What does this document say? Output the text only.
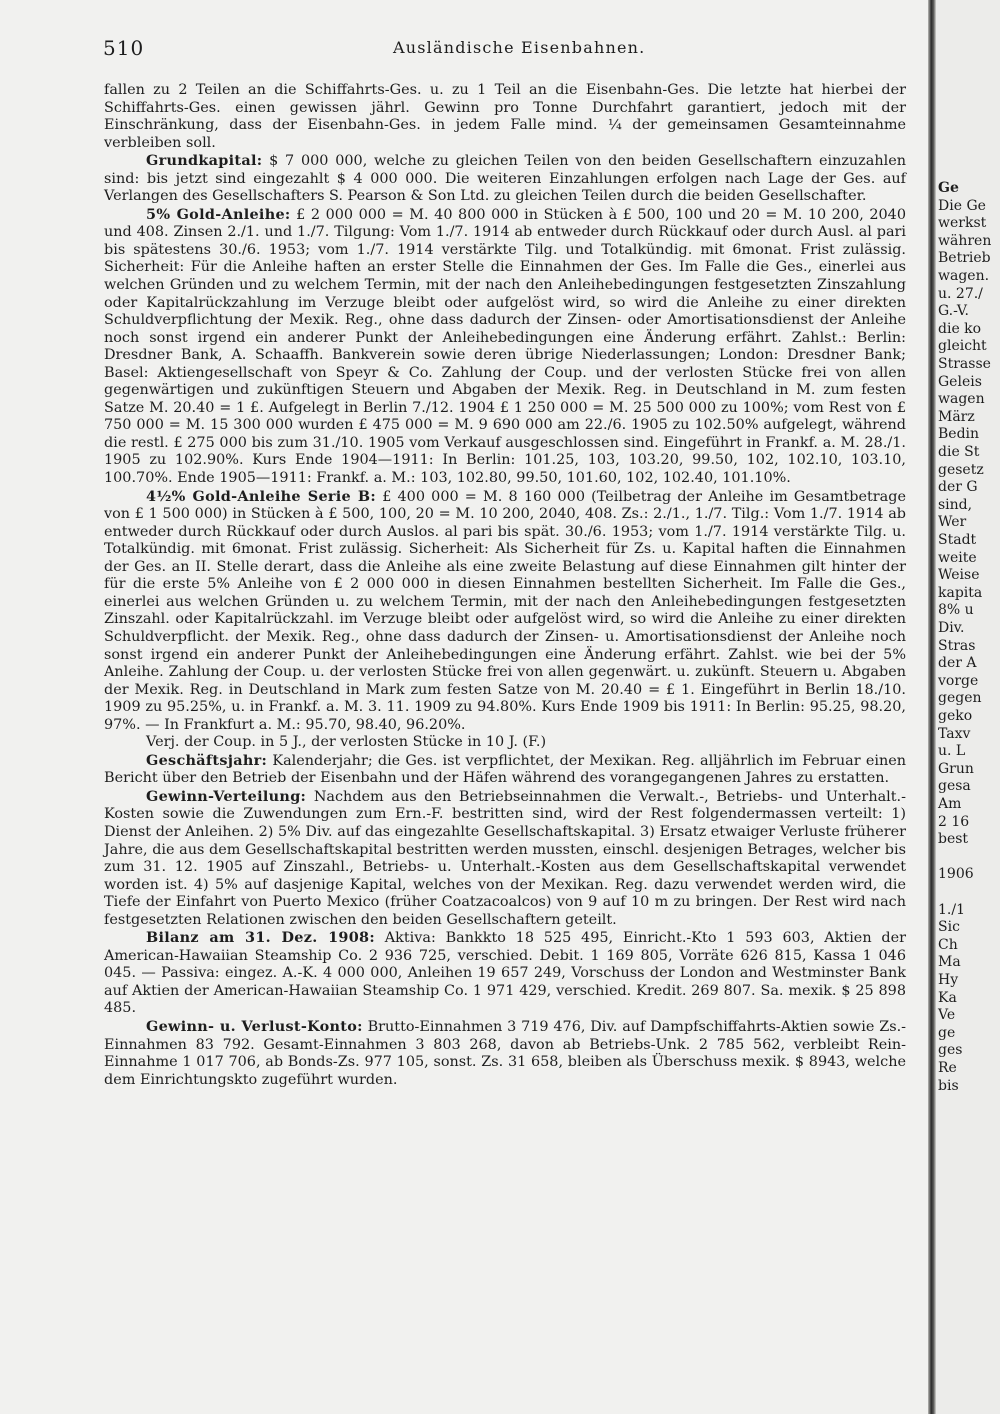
510	Ausländische Eisenbahnen.

fallen zu 2 Teilen an die Schiffahrts-Ges. u. zu 1 Teil an die Eisenbahn-Ges. Die letzte hat hierbei der Schiffahrts-Ges. einen gewissen jährl. Gewinn pro Tonne Durchfahrt garantiert, jedoch mit der Einschränkung, dass der Eisenbahn-Ges. in jedem Falle mind. ¼ der gemeinsamen Gesamteinnahme verbleiben soll.

Grundkapital: $ 7 000 000, welche zu gleichen Teilen von den beiden Gesellschaftern einzuzahlen sind: bis jetzt sind eingezahlt $ 4 000 000. Die weiteren Einzahlungen erfolgen nach Lage der Ges. auf Verlangen des Gesellschafters S. Pearson & Son Ltd. zu gleichen Teilen durch die beiden Gesellschafter.

5% Gold-Anleihe: £ 2 000 000 = M. 40 800 000 in Stücken à £ 500, 100 und 20 = M. 10 200, 2040 und 408. Zinsen 2./1. und 1./7. Tilgung: Vom 1./7. 1914 ab entweder durch Rückkauf oder durch Ausl. al pari bis spätestens 30./6. 1953; vom 1./7. 1914 verstärkte Tilg. und Totalkündig. mit 6monat. Frist zulässig. Sicherheit: Für die Anleihe haften an erster Stelle die Einnahmen der Ges. Im Falle die Ges., einerlei aus welchen Gründen und zu welchem Termin, mit der nach den Anleihebedingungen festgesetzten Zinszahlung oder Kapitalrückzahlung im Verzuge bleibt oder aufgelöst wird, so wird die Anleihe zu einer direkten Schuldverpflichtung der Mexik. Reg., ohne dass dadurch der Zinsen- oder Amortisationsdienst der Anleihe noch sonst irgend ein anderer Punkt der Anleihebedingungen eine Änderung erfährt. Zahlst.: Berlin: Dresdner Bank, A. Schaaffh. Bankverein sowie deren übrige Niederlassungen; London: Dresdner Bank; Basel: Aktiengesellschaft von Speyr & Co. Zahlung der Coup. und der verlosten Stücke frei von allen gegenwärtigen und zukünftigen Steuern und Abgaben der Mexik. Reg. in Deutschland in M. zum festen Satze M. 20.40 = 1 £. Aufgelegt in Berlin 7./12. 1904 £ 1 250 000 = M. 25 500 000 zu 100%; vom Rest von £ 750 000 = M. 15 300 000 wurden £ 475 000 = M. 9 690 000 am 22./6. 1905 zu 102.50% aufgelegt, während die restl. £ 275 000 bis zum 31./10. 1905 vom Verkauf ausgeschlossen sind. Eingeführt in Frankf. a. M. 28./1. 1905 zu 102.90%. Kurs Ende 1904—1911: In Berlin: 101.25, 103, 103.20, 99.50, 102, 102.10, 103.10, 100.70%. Ende 1905—1911: Frankf. a. M.: 103, 102.80, 99.50, 101.60, 102, 102.40, 101.10%.

4½% Gold-Anleihe Serie B: £ 400 000 = M. 8 160 000 (Teilbetrag der Anleihe im Gesamtbetrage von £ 1 500 000) in Stücken à £ 500, 100, 20 = M. 10 200, 2040, 408. Zs.: 2./1., 1./7. Tilg.: Vom 1./7. 1914 ab entweder durch Rückkauf oder durch Auslos. al pari bis spät. 30./6. 1953; vom 1./7. 1914 verstärkte Tilg. u. Totalkündig. mit 6monat. Frist zulässig. Sicherheit: Als Sicherheit für Zs. u. Kapital haften die Einnahmen der Ges. an II. Stelle derart, dass die Anleihe als eine zweite Belastung auf diese Einnahmen gilt hinter der für die erste 5% Anleihe von £ 2 000 000 in diesen Einnahmen bestellten Sicherheit. Im Falle die Ges., einerlei aus welchen Gründen u. zu welchem Termin, mit der nach den Anleihebedingungen festgesetzten Zinszahl. oder Kapitalrückzahl. im Verzuge bleibt oder aufgelöst wird, so wird die Anleihe zu einer direkten Schuldverpflicht. der Mexik. Reg., ohne dass dadurch der Zinsen- u. Amortisationsdienst der Anleihe noch sonst irgend ein anderer Punkt der Anleihebedingungen eine Änderung erfährt. Zahlst. wie bei der 5% Anleihe. Zahlung der Coup. u. der verlosten Stücke frei von allen gegenwärt. u. zukünft. Steuern u. Abgaben der Mexik. Reg. in Deutschland in Mark zum festen Satze von M. 20.40 = £ 1. Eingeführt in Berlin 18./10. 1909 zu 95.25%, u. in Frankf. a. M. 3. 11. 1909 zu 94.80%. Kurs Ende 1909 bis 1911: In Berlin: 95.25, 98.20, 97%. — In Frankfurt a. M.: 95.70, 98.40, 96.20%.

Verj. der Coup. in 5 J., der verlosten Stücke in 10 J. (F.)

Geschäftsjahr: Kalenderjahr; die Ges. ist verpflichtet, der Mexikan. Reg. alljährlich im Februar einen Bericht über den Betrieb der Eisenbahn und der Häfen während des vorangegangenen Jahres zu erstatten.

Gewinn-Verteilung: Nachdem aus den Betriebseinnahmen die Verwalt.-, Betriebs- und Unterhalt.-Kosten sowie die Zuwendungen zum Ern.-F. bestritten sind, wird der Rest folgendermassen verteilt: 1) Dienst der Anleihen. 2) 5% Div. auf das eingezahlte Gesellschaftskapital. 3) Ersatz etwaiger Verluste früherer Jahre, die aus dem Gesellschaftskapital bestritten werden mussten, einschl. desjenigen Betrages, welcher bis zum 31. 12. 1905 auf Zinszahl., Betriebs- u. Unterhalt.-Kosten aus dem Gesellschaftskapital verwendet worden ist. 4) 5% auf dasjenige Kapital, welches von der Mexikan. Reg. dazu verwendet werden wird, die Tiefe der Einfahrt von Puerto Mexico (früher Coatzacoalcos) von 9 auf 10 m zu bringen. Der Rest wird nach festgesetzten Relationen zwischen den beiden Gesellschaftern geteilt.

Bilanz am 31. Dez. 1908: Aktiva: Bankkto 18 525 495, Einricht.-Kto 1 593 603, Aktien der American-Hawaiian Steamship Co. 2 936 725, verschied. Debit. 1 169 805, Vorräte 626 815, Kassa 1 046 045. — Passiva: eingez. A.-K. 4 000 000, Anleihen 19 657 249, Vorschuss der London and Westminster Bank auf Aktien der American-Hawaiian Steamship Co. 1 971 429, verschied. Kredit. 269 807. Sa. mexik. $ 25 898 485.

Gewinn- u. Verlust-Konto: Brutto-Einnahmen 3 719 476, Div. auf Dampfschiffahrts-Aktien sowie Zs.-Einnahmen 83 792. Gesamt-Einnahmen 3 803 268, davon ab Betriebs-Unk. 2 785 562, verbleibt Rein-Einnahme 1 017 706, ab Bonds-Zs. 977 105, sonst. Zs. 31 658, bleiben als Überschuss mexik. $ 8943, welche dem Einrichtungskto zugeführt wurden.

Ge
Die Ge
werkst
währen
Betrieb
wagen.
u. 27./
G.-V.
die ko
gleicht
Strasse
Geleis
wagen
März
Bedin
die St
gesetz
der G
sind,
Wer
Stadt
weite
Weise
kapita
8% u
Div.
Stras
der A
vorge
gegen
geko
Taxv
u. L
Grun
gesa
Am
2 16
best
1906
1./1
Sic
Ch
Ma
Hy
Ka
Ve
ge
ges
Re
bis
